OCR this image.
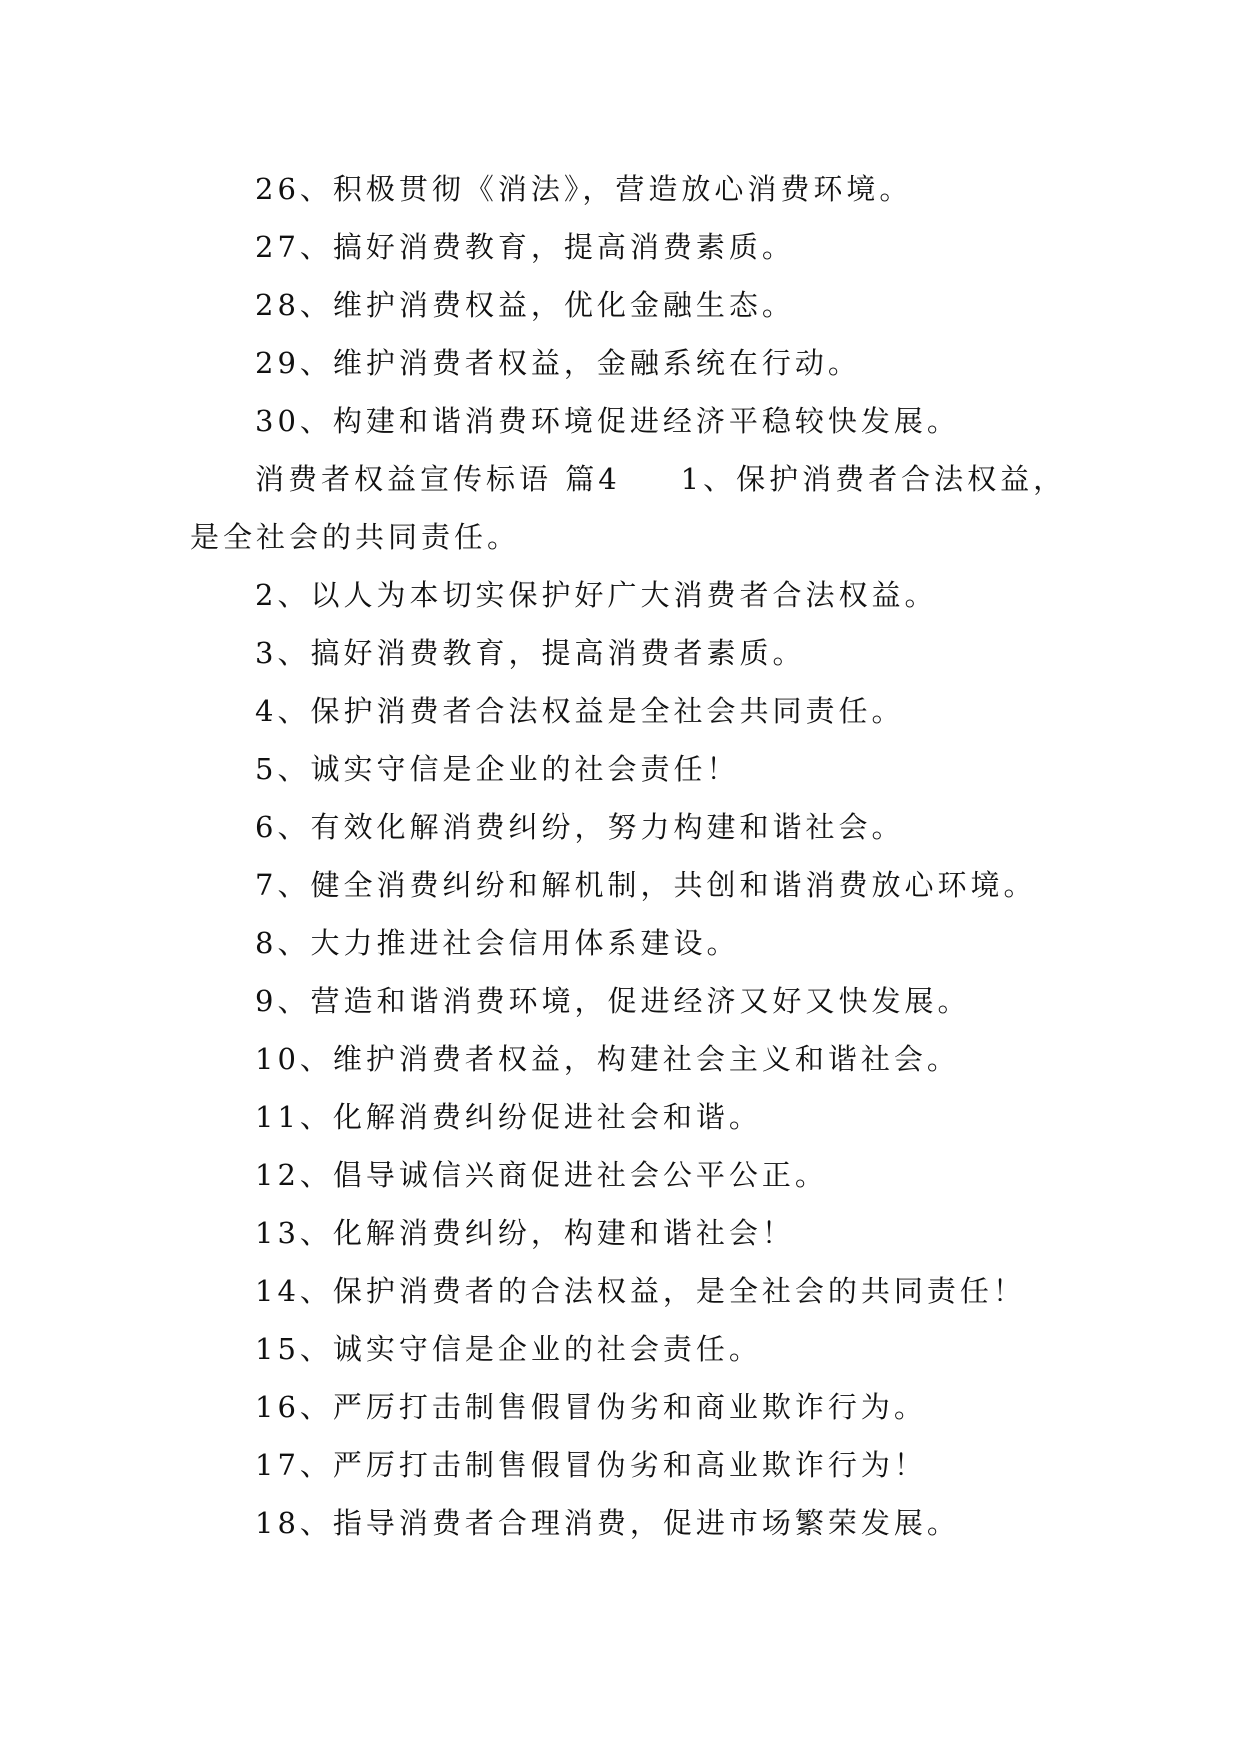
26、积极贯彻《消法》，营造放心消费环境。
27、搞好消费教育，提高消费素质。
28、维护消费权益，优化金融生态。
29、维护消费者权益，金融系统在行动。
30、构建和谐消费环境促进经济平稳较快发展。
消费者权益宣传标语 篇4 1、保护消费者合法权益，
是全社会的共同责任。
2、以人为本切实保护好广大消费者合法权益。
3、搞好消费教育，提高消费者素质。
4、保护消费者合法权益是全社会共同责任。
5、诚实守信是企业的社会责任！
6、有效化解消费纠纷，努力构建和谐社会。
7、健全消费纠纷和解机制，共创和谐消费放心环境。
8、大力推进社会信用体系建设。
9、营造和谐消费环境，促进经济又好又快发展。
10、维护消费者权益，构建社会主义和谐社会。
11、化解消费纠纷促进社会和谐。
12、倡导诚信兴商促进社会公平公正。
13、化解消费纠纷，构建和谐社会！
14、保护消费者的合法权益，是全社会的共同责任！
15、诚实守信是企业的社会责任。
16、严厉打击制售假冒伪劣和商业欺诈行为。
17、严厉打击制售假冒伪劣和高业欺诈行为！
18、指导消费者合理消费，促进市场繁荣发展。
